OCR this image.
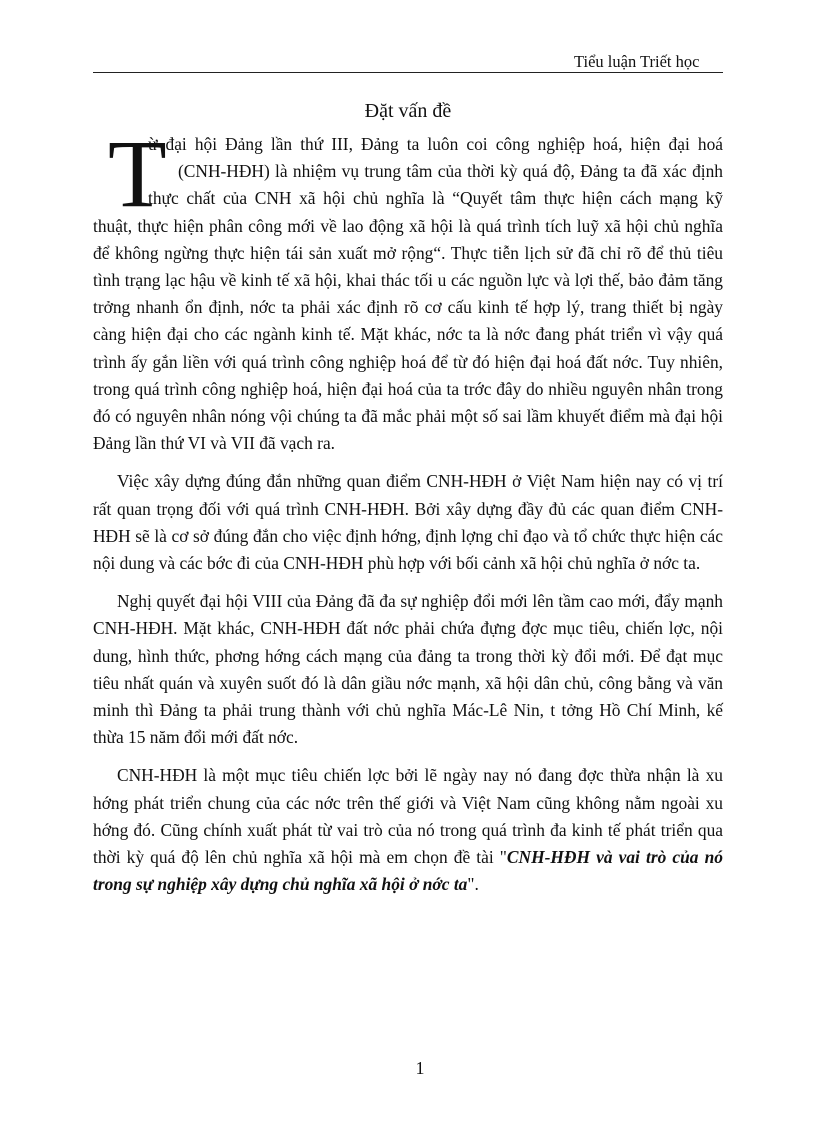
Tiểu luận Triết học
Đặt vấn đề
T
ừ đại hội Đảng lần thứ III, Đảng ta luôn coi công nghiệp hoá, hiện đại hoá
(CNH-HĐH) là nhiệm vụ trung tâm của thời kỳ quá độ, Đảng ta đã xác định
thực chất của CNH xã hội chủ nghĩa là “Quyết tâm thực hiện cách mạng kỹ

thuật, thực hiện phân công mới về lao động xã hội là quá trình tích luỹ xã hội chủ nghĩa để không ngừng thực hiện tái sản xuất mở rộng“. Thực tiễn lịch sử đã chỉ rõ để thủ tiêu tình trạng lạc hậu về kinh tế xã hội, khai thác tối u các nguồn lực và lợi thế, bảo đảm tăng trởng nhanh ổn định, nớc ta phải xác định rõ cơ cấu kinh tế hợp lý, trang thiết bị ngày càng hiện đại cho các ngành kinh tế. Mặt khác, nớc ta là nớc đang phát triển vì vậy quá trình ấy gắn liền với quá trình công nghiệp hoá để từ đó hiện đại hoá đất nớc. Tuy nhiên, trong quá trình công nghiệp hoá, hiện đại hoá của ta trớc đây do nhiều nguyên nhân trong đó có nguyên nhân nóng vội chúng ta đã mắc phải một số sai lầm khuyết điểm mà đại hội Đảng lần thứ VI và VII đã vạch ra.

Việc xây dựng đúng đắn những quan điểm CNH-HĐH ở Việt Nam hiện nay có vị trí rất quan trọng đối với quá trình CNH-HĐH. Bởi xây dựng đầy đủ các quan điểm CNH-HĐH sẽ là cơ sở đúng đắn cho việc định hớng, định lợng chỉ đạo và tổ chức thực hiện các nội dung và các bớc đi của CNH-HĐH phù hợp với bối cảnh xã hội chủ nghĩa ở nớc ta.

Nghị quyết đại hội VIII của Đảng đã đa sự nghiệp đổi mới lên tầm cao mới, đẩy mạnh CNH-HĐH. Mặt khác, CNH-HĐH đất nớc phải chứa đựng đợc mục tiêu, chiến lợc, nội dung, hình thức, phơng hớng cách mạng của đảng ta trong thời kỳ đổi mới. Để đạt mục tiêu nhất quán và xuyên suốt đó là dân giầu nớc mạnh, xã hội dân chủ, công bằng và văn minh thì Đảng ta phải trung thành với chủ nghĩa Mác-Lê Nin, t tởng Hồ Chí Minh, kế thừa 15 năm đổi mới đất nớc.

CNH-HĐH là một mục tiêu chiến lợc bởi lẽ ngày nay nó đang đợc thừa nhận là xu hớng phát triển chung của các nớc trên thế giới và Việt Nam cũng không nằm ngoài xu hớng đó. Cũng chính xuất phát từ vai trò của nó trong quá trình đa kinh tế phát triển qua thời kỳ quá độ lên chủ nghĩa xã hội mà em chọn đề tài "CNH-HĐH và vai trò của nó trong sự nghiệp xây dựng chủ nghĩa xã hội ở nớc ta".

1
